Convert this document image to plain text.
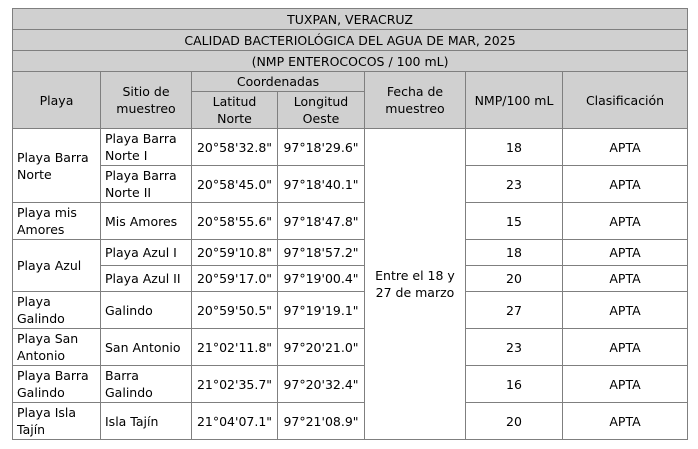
TUXPAN, VERACRUZ						
CALIDAD BACTERIOLÓGICA DEL AGUA DE MAR, 2025						
(NMP ENTEROCOCOS / 100 mL)						
Playa	Sitio de muestreo	Coordenadas		Fecha de muestreo	NMP/100 mL	Clasificación
		Latitud Norte	Longitud Oeste			
Playa Barra Norte	Playa Barra Norte I	20°58'32.8"	97°18'29.6"	Entre el 18 y 27 de marzo	18	APTA
	Playa Barra Norte II	20°58'45.0"	97°18'40.1"		23	APTA
Playa mis Amores	Mis Amores	20°58'55.6"	97°18'47.8"		15	APTA
Playa Azul	Playa Azul I	20°59'10.8"	97°18'57.2"		18	APTA
	Playa Azul II	20°59'17.0"	97°19'00.4"		20	APTA
Playa Galindo	Galindo	20°59'50.5"	97°19'19.1"		27	APTA
Playa San Antonio	San Antonio	21°02'11.8"	97°20'21.0"		23	APTA
Playa Barra Galindo	Barra Galindo	21°02'35.7"	97°20'32.4"		16	APTA
Playa Isla Tajín	Isla Tajín	21°04'07.1"	97°21'08.9"		20	APTA
